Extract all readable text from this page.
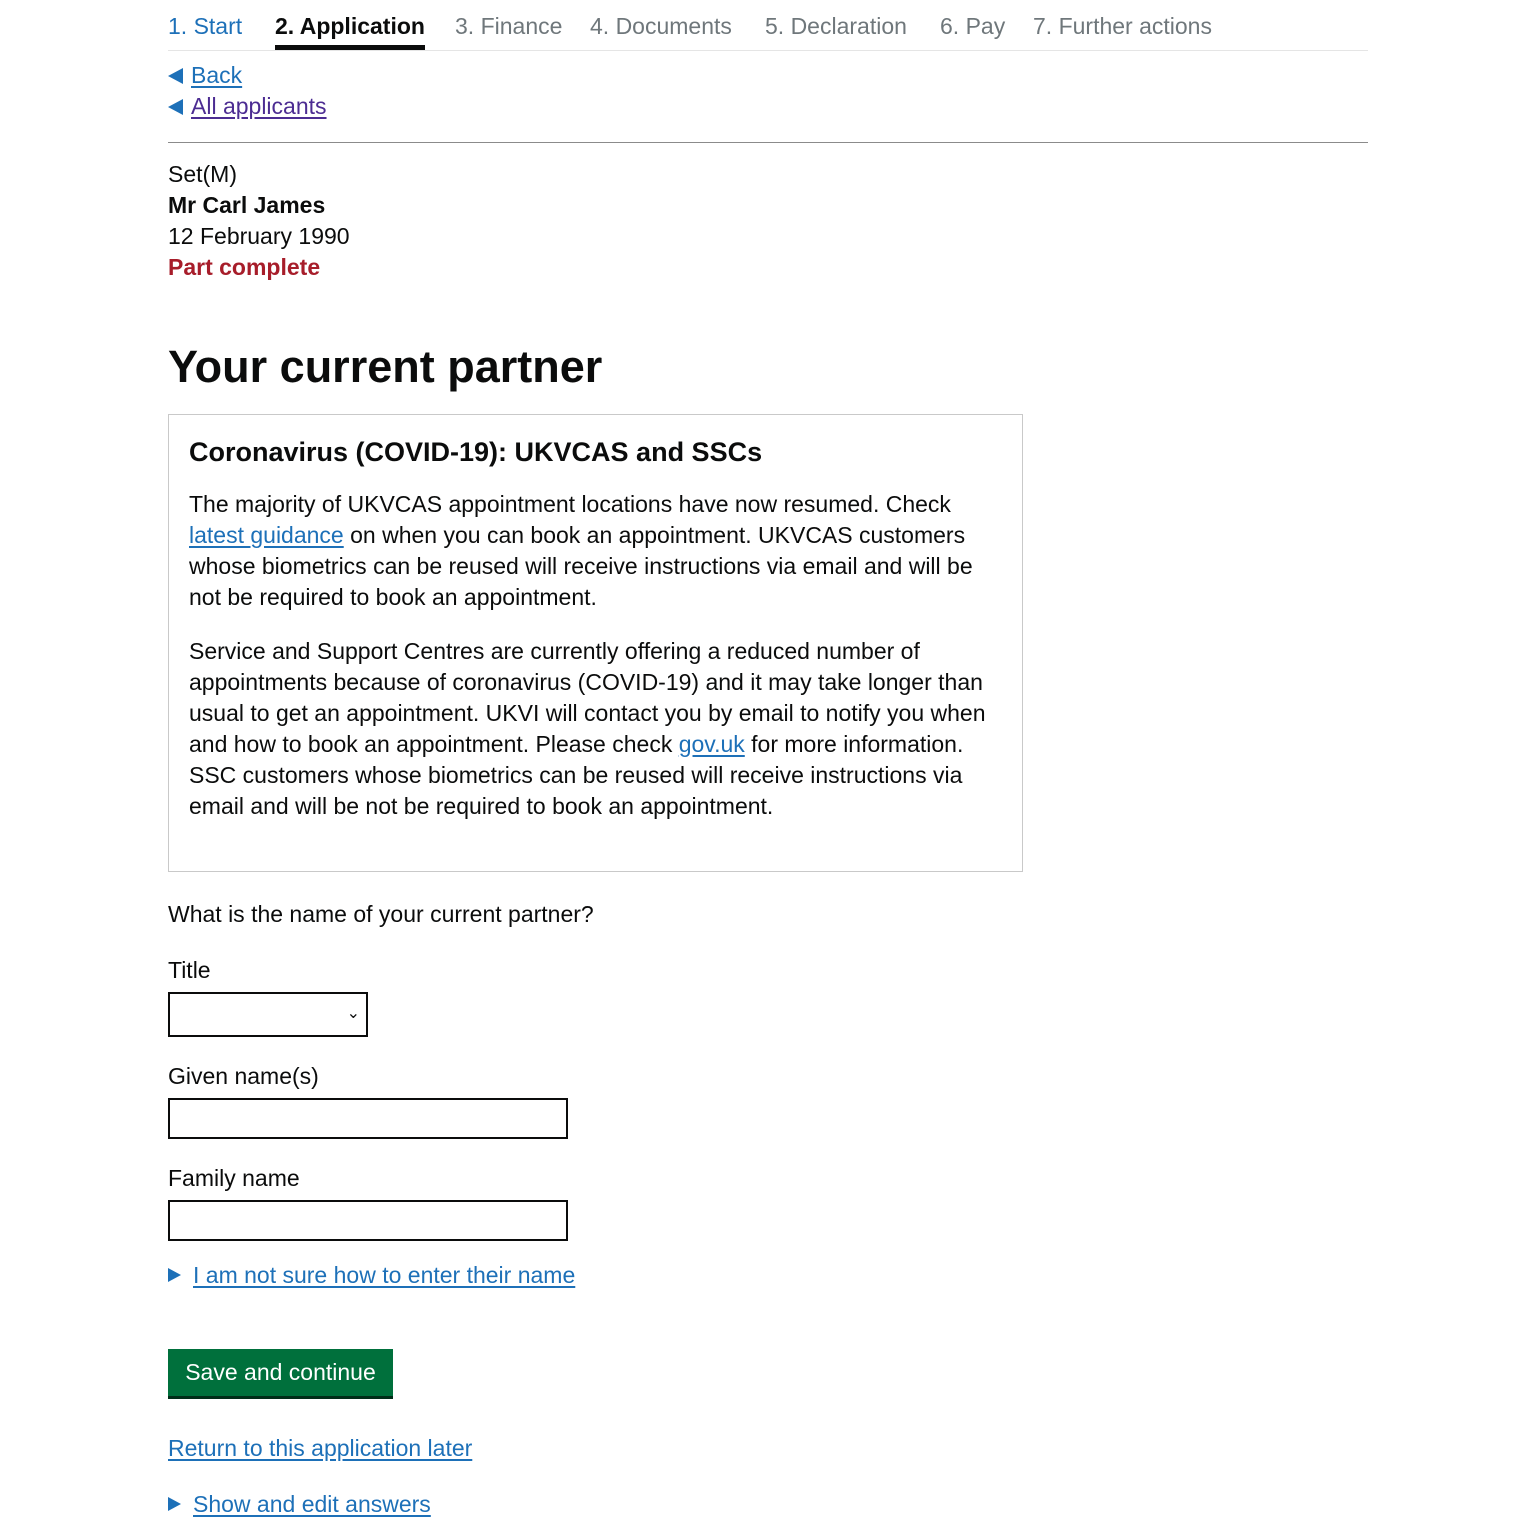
1. Start 2. Application 3. Finance 4. Documents 5. Declaration 6. Pay 7. Further actions
Back
All applicants
Set(M)
Mr Carl James
12 February 1990
Part complete
Your current partner
Coronavirus (COVID-19): UKVCAS and SSCs

The majority of UKVCAS appointment locations have now resumed. Check latest guidance on when you can book an appointment. UKVCAS customers whose biometrics can be reused will receive instructions via email and will be not be required to book an appointment.

Service and Support Centres are currently offering a reduced number of appointments because of coronavirus (COVID-19) and it may take longer than usual to get an appointment. UKVI will contact you by email to notify you when and how to book an appointment. Please check gov.uk for more information. SSC customers whose biometrics can be reused will receive instructions via email and will be not be required to book an appointment.

What is the name of your current partner?
Title
⌄
Given name(s)
Family name
I am not sure how to enter their name
Save and continue
Return to this application later
Show and edit answers
